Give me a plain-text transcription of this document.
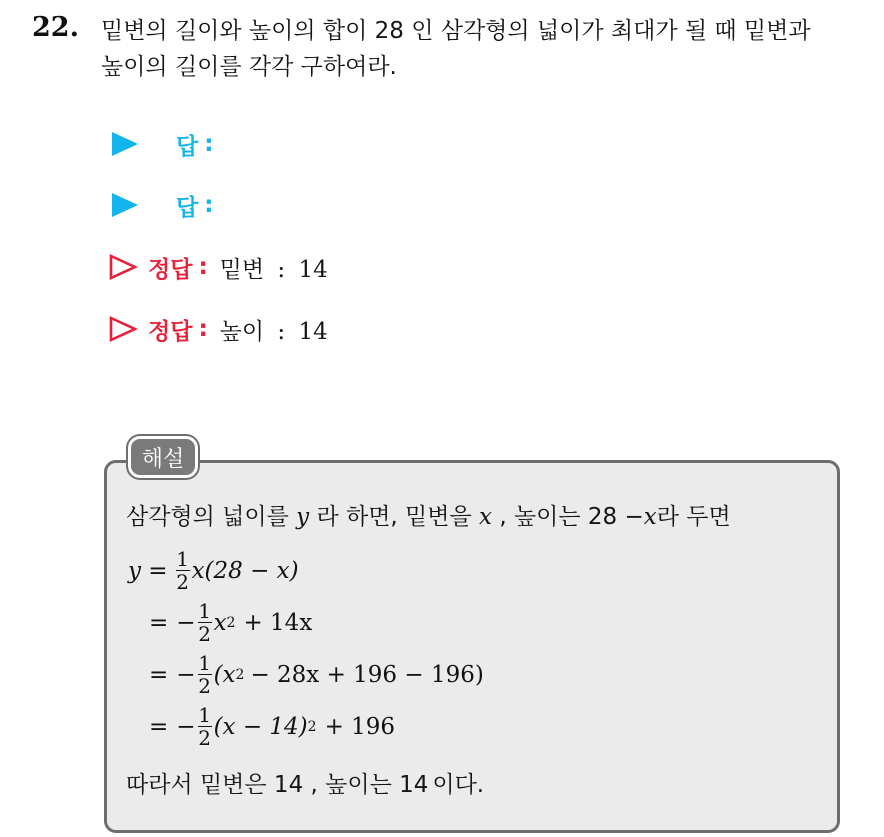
22. 밑변의 길이와 높이의 합이 28 인 삼각형의 넓이가 최대가 될 때 밑변과
높이의 길이를 각각 구하여라.
답 :
답 :
정답 : 밑변 : 14
정답 : 높이 : 14
해설
삼각형의 넓이를 y 라 하면, 밑변을 x , 높이는 28 −x라 두면
$y = \frac{1}{2} x(28 - x)$
= − $\frac{1}{2}$ x 2 + 14x
= − $\frac{1}{2} (x$ 2 − 28x + 196 − 196)
= − $\frac{1}{2} (x - 14) 2 + 196$
따라서 밑변은 14 , 높이는 14 이다.
